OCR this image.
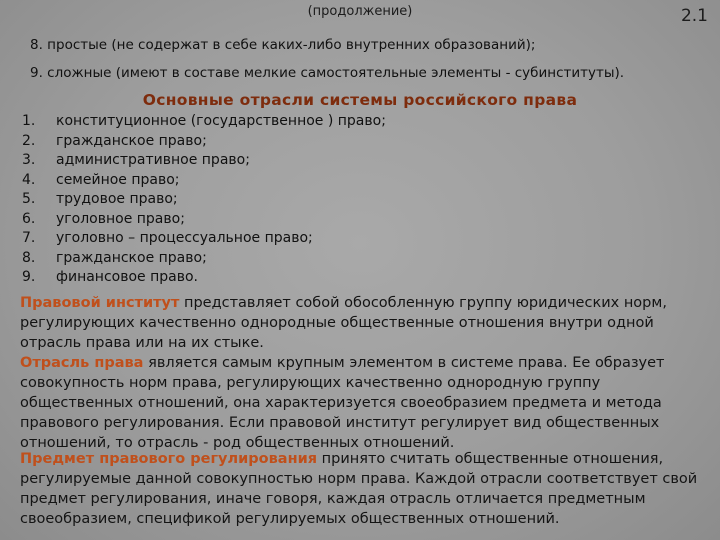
(продолжение)	2.1
8. простые (не содержат в себе каких-либо внутренних образований);
9. сложные (имеют в составе мелкие самостоятельные элементы - субинституты).
Основные отрасли системы российского права
1.	конституционное (государственное ) право;
2.	гражданское право;
3.	административное право;
4.	семейное право;
5.	трудовое право;
6.	уголовное право;
7.	уголовно – процессуальное право;
8.	гражданское право;
9.	финансовое право.

Правовой институт представляет собой обособленную группу юридических норм, регулирующих качественно однородные общественные отношения внутри одной отрасль права или на их стыке.

Отрасль права является самым крупным элементом в системе права. Ее образует совокупность норм права, регулирующих качественно однородную группу общественных отношений, она характеризуется своеобразием предмета и метода правового регулирования. Если правовой институт регулирует вид общественных отношений, то отрасль - род общественных отношений.

Предмет правового регулирования принято считать общественные отношения, регулируемые данной совокупностью норм права. Каждой отрасли соответствует свой предмет регулирования, иначе говоря, каждая отрасль отличается предметным своеобразием, спецификой регулируемых общественных отношений.
